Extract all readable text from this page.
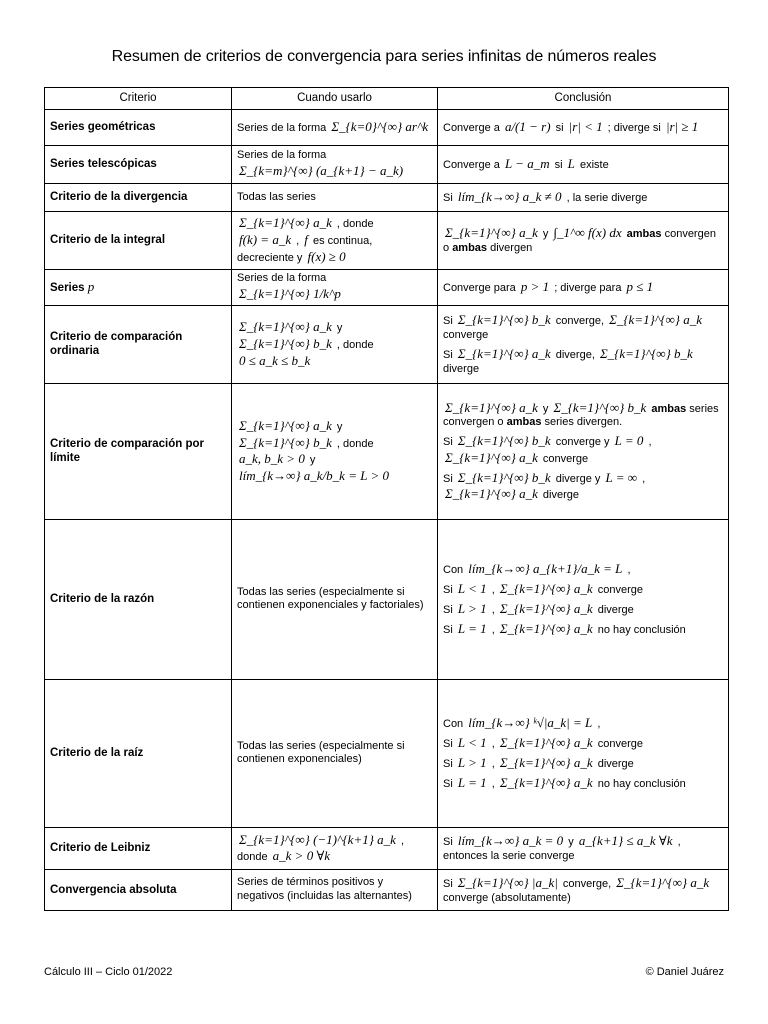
Resumen de criterios de convergencia para series infinitas de números reales
Criterio	Cuando usarlo	Conclusión
Series geométricas	Series de la forma Σ_{k=0}^{∞} ar^k	Converge a a/(1 − r) si |r| < 1 ; diverge si |r| ≥ 1

Series telescópicas	Series de la forma Σ_{k=m}^{∞} (a_{k+1} − a_k)	Converge a L − a_m si L existe

Criterio de la divergencia	Todas las series	Si lím_{k→∞} a_k ≠ 0 , la serie diverge

Criterio de la integral	Σ_{k=1}^{∞} a_k , donde f(k) = a_k , f es continua, decreciente y f(x) ≥ 0	Σ_{k=1}^{∞} a_k y ∫_1^∞ f(x) dx ambas convergen o ambas divergen

Series p	Series de la forma Σ_{k=1}^{∞} 1/k^p	Converge para p > 1 ; diverge para p ≤ 1

Criterio de comparación ordinaria	Σ_{k=1}^{∞} a_k y Σ_{k=1}^{∞} b_k , donde 0 ≤ a_k ≤ b_k	Si Σ_{k=1}^{∞} b_k converge, Σ_{k=1}^{∞} a_k converge
Si Σ_{k=1}^{∞} a_k diverge, Σ_{k=1}^{∞} b_k diverge

Criterio de comparación por límite	Σ_{k=1}^{∞} a_k y Σ_{k=1}^{∞} b_k , donde a_k, b_k > 0 y lím_{k→∞} a_k/b_k = L > 0	Σ_{k=1}^{∞} a_k y Σ_{k=1}^{∞} b_k ambas series convergen o ambas series divergen.
Si Σ_{k=1}^{∞} b_k converge y L = 0 , Σ_{k=1}^{∞} a_k converge
Si Σ_{k=1}^{∞} b_k diverge y L = ∞ , Σ_{k=1}^{∞} a_k diverge

Criterio de la razón	Todas las series (especialmente si contienen exponenciales y factoriales)	Con lím_{k→∞} a_{k+1}/a_k = L ,
Si L < 1 , Σ_{k=1}^{∞} a_k converge
Si L > 1 , Σ_{k=1}^{∞} a_k diverge
Si L = 1 , Σ_{k=1}^{∞} a_k no hay conclusión

Criterio de la raíz	Todas las series (especialmente si contienen exponenciales)	Con lím_{k→∞} ᵏ√|a_k| = L ,
Si L < 1 , Σ_{k=1}^{∞} a_k converge
Si L > 1 , Σ_{k=1}^{∞} a_k diverge
Si L = 1 , Σ_{k=1}^{∞} a_k no hay conclusión

Criterio de Leibniz	Σ_{k=1}^{∞} (−1)^{k+1} a_k , donde a_k > 0 ∀k	Si lím_{k→∞} a_k = 0 y a_{k+1} ≤ a_k ∀k , entonces la serie converge

Convergencia absoluta	Series de términos positivos y negativos (incluidas las alternantes)	Si Σ_{k=1}^{∞} |a_k| converge, Σ_{k=1}^{∞} a_k converge (absolutamente)
Cálculo III – Ciclo 01/2022	© Daniel Juárez
